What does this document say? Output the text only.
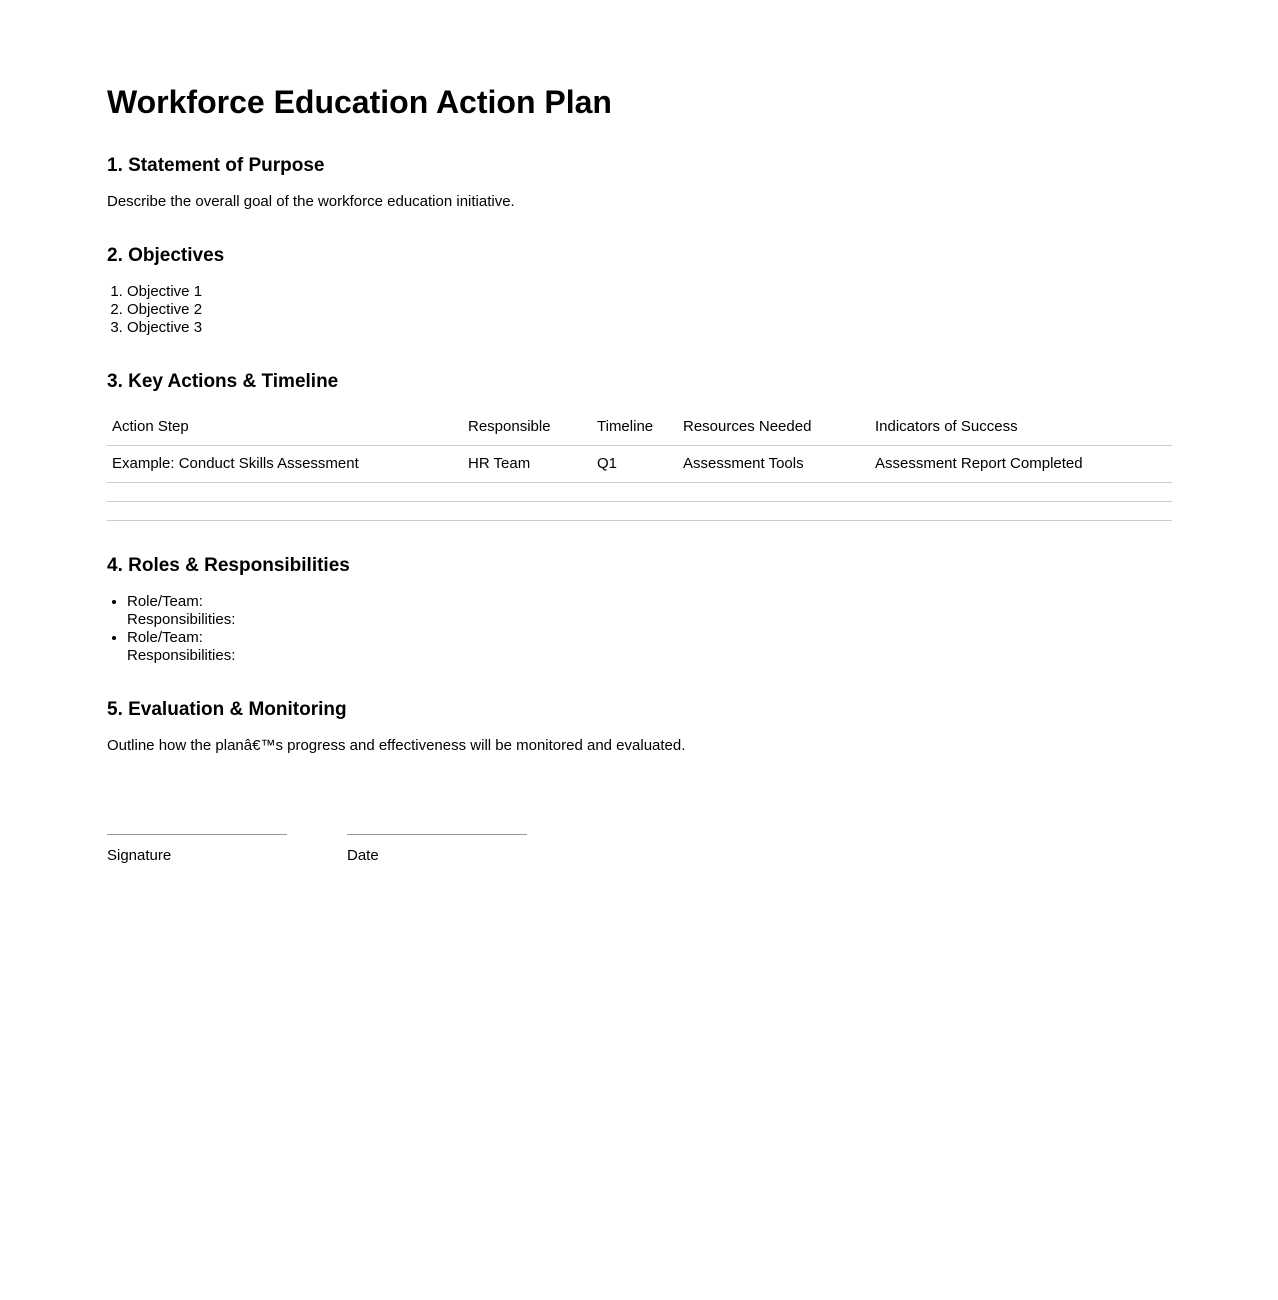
Workforce Education Action Plan
1. Statement of Purpose

Describe the overall goal of the workforce education initiative.

2. Objectives
1. Objective 1
2. Objective 2
3. Objective 3
3. Key Actions & Timeline
Action Step	Responsible	Timeline	Resources Needed	Indicators of Success
Example: Conduct Skills Assessment	HR Team	Q1	Assessment Tools	Assessment Report Completed

4. Roles & Responsibilities
• Role/Team:
Responsibilities:
• Role/Team:
Responsibilities:
5. Evaluation & Monitoring

Outline how the planâ€™s progress and effectiveness will be monitored and evaluated.

Signature	Date
